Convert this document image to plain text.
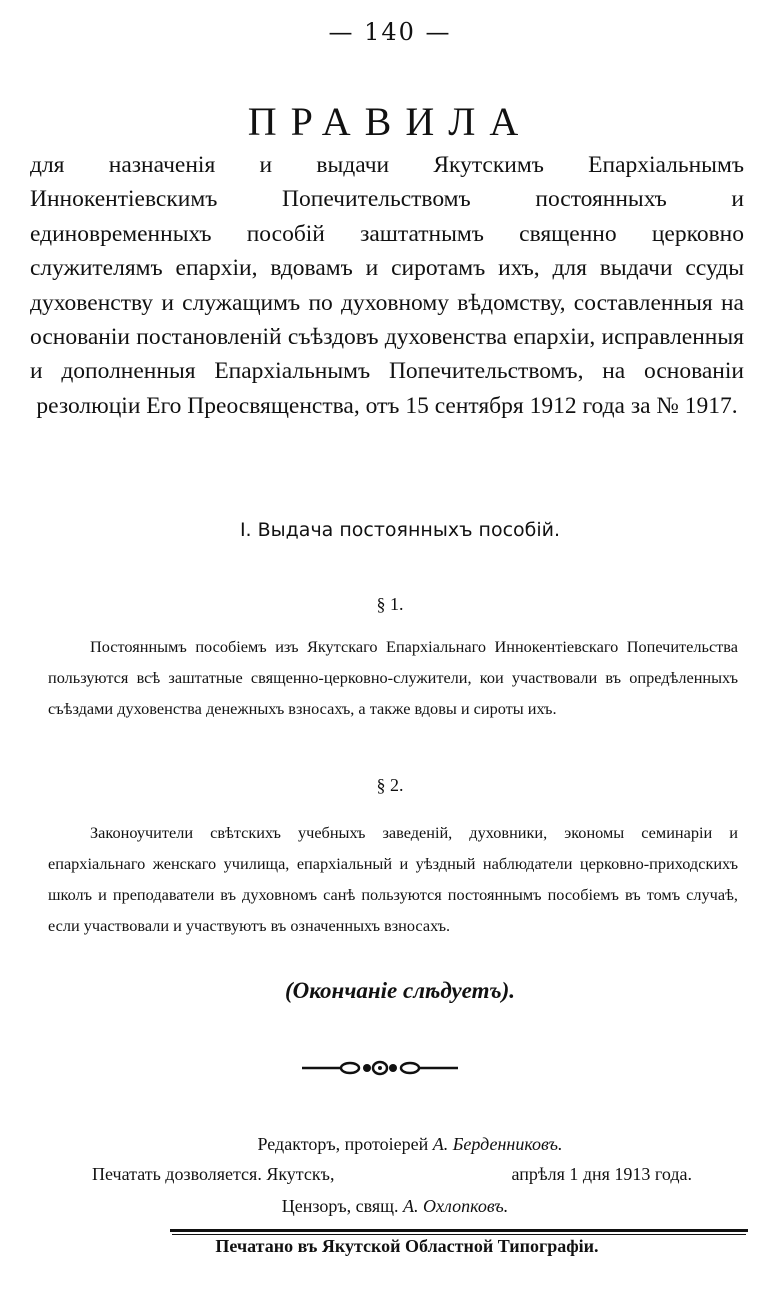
— 140 —
ПРАВИЛА

для назначенія и выдачи Якутскимъ Епархіальнымъ Иннокентіевскимъ Попечительствомъ постоянныхъ и единовременныхъ пособій заштатнымъ священно церковно служителямъ епархіи, вдовамъ и сиротамъ ихъ, для выдачи ссуды духовенству и служащимъ по духовному вѣдомству, составленныя на основаніи постановленій съѣздовъ духовенства епархіи, исправленныя и дополненныя Епархіальнымъ Попечительствомъ, на основаніи резолюціи Его Преосвященства, отъ 15 сентября 1912 года за № 1917.

I. Выдача постоянныхъ пособій.
§ 1.

Постояннымъ пособіемъ изъ Якутскаго Епархіальнаго Иннокентіевскаго Попечительства пользуются всѣ заштатные священно-церковно-служители, кои участвовали въ опредѣленныхъ съѣздами духовенства денежныхъ взносахъ, а также вдовы и сироты ихъ.

§ 2.

Законоучители свѣтскихъ учебныхъ заведеній, духовники, экономы семинаріи и епархіальнаго женскаго училища, епархіальный и уѣздный наблюдатели церковно-приходскихъ школъ и преподаватели въ духовномъ санѣ пользуются постояннымъ пособіемъ въ томъ случаѣ, если участвовали и участвуютъ въ означенныхъ взносахъ.

(Окончаніе слѣдуетъ).
Редакторъ, протоіерей А. Берденниковъ.
Печатать дозволяется. Якутскъ,	апрѣля 1 дня 1913 года.
Цензоръ, свящ. А. Охлопковъ.
Печатано въ Якутской Областной Типографіи.
